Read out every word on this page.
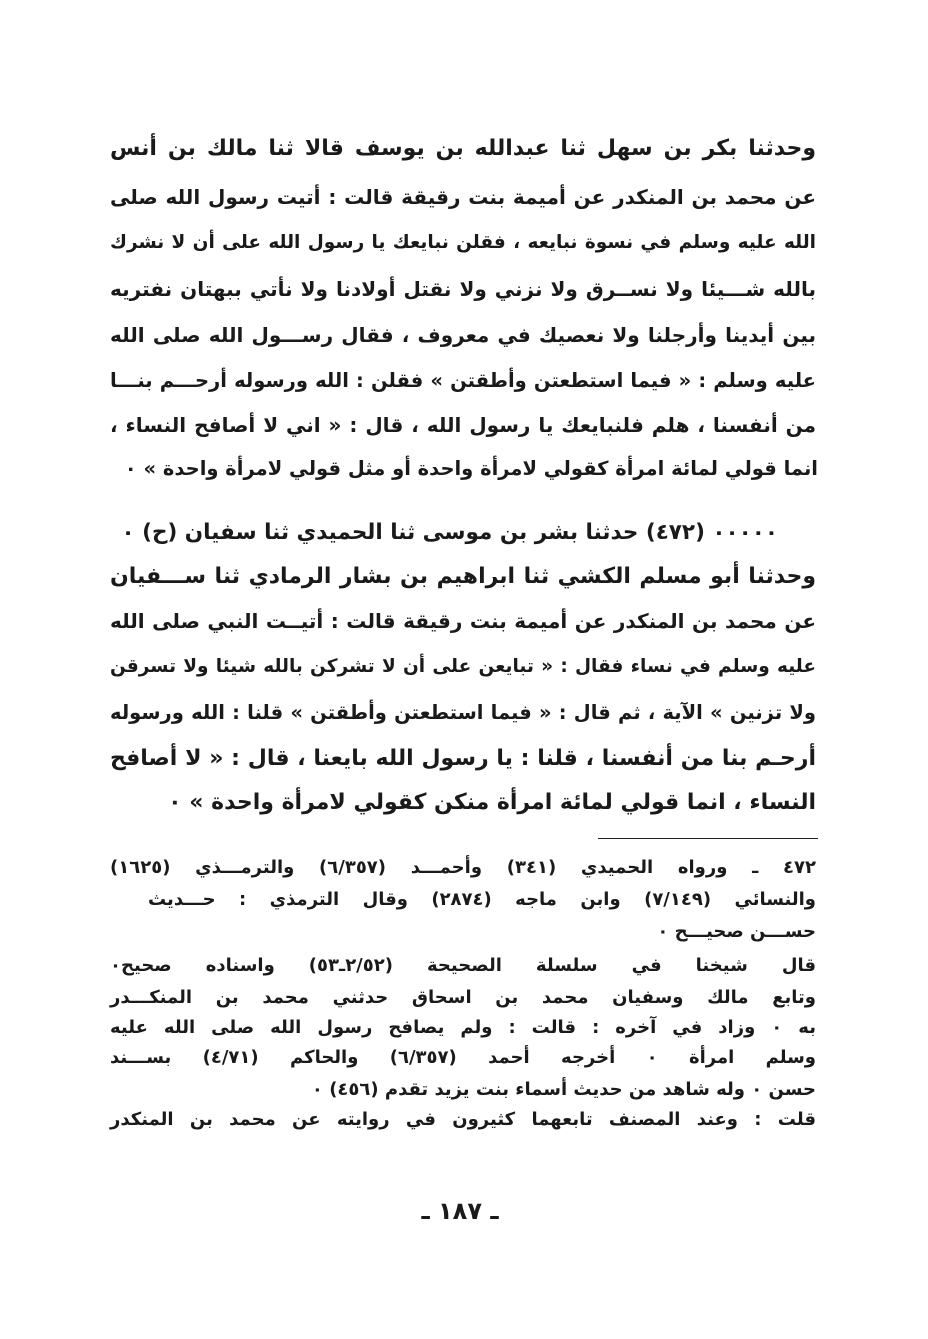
وحدثنا بكر بن سهل ثنا عبدالله بن يوسف قالا ثنا مالك بن أنس
عن محمد بن المنكدر عن أميمة بنت رقيقة قالت : أتيت رسول الله صلى
الله عليه وسلم في نسوة نبايعه ، فقلن نبايعك يا رسول الله على أن لا نشرك
بالله شـــيئا ولا نســرق ولا نزني ولا نقتل أولادنا ولا نأتي ببهتان نفتريه
بين أيدينا وأرجلنا ولا نعصيك في معروف ، فقال رســـول الله صلى الله
عليه وسلم : « فيما استطعتن وأطقتن » فقلن : الله ورسوله أرحـــم بنـــا
من أنفسنا ، هلم فلنبايعك يا رسول الله ، قال : « اني لا أصافح النساء ،
انما قولي لمائة امرأة كقولي لامرأة واحدة أو مثل قولي لامرأة واحدة » ٠
٠٠٠٠٠ (٤٧٢) حدثنا بشر بن موسى ثنا الحميدي ثنا سفيان (ح) ٠
وحدثنا أبو مسلم الكشي ثنا ابراهيم بن بشار الرمادي ثنا ســـفيان
عن محمد بن المنكدر عن أميمة بنت رقيقة قالت : أتيــت النبي صلى الله
عليه وسلم في نساء فقال : « تبايعن على أن لا تشركن بالله شيئا ولا تسرقن
ولا تزنين » الآية ، ثم قال : « فيما استطعتن وأطقتن » قلنا : الله ورسوله
أرحـم بنا من أنفسنا ، قلنا : يا رسول الله بايعنا ، قال : « لا أصافح
النساء ، انما قولي لمائة امرأة منكن كقولي لامرأة واحدة » ٠
٤٧٢ ـ ورواه الحميدي (٣٤١) وأحمـــد (٦/٣٥٧) والترمـــذي (١٦٢٥)
والنسائي (٧/١٤٩) وابن ماجه (٢٨٧٤) وقال الترمذي : حـــديث
حســـن صحيـــح ٠
قال شيخنا في سلسلة الصحيحة (٢/٥٢ـ٥٣) واسناده صحيح٠
وتابع مالك وسفيان محمد بن اسحاق حدثني محمد بن المنكـــدر
به ٠ وزاد في آخره : قالت : ولم يصافح رسول الله صلى الله عليه
وسلم امرأة ٠ أخرجه أحمد (٦/٣٥٧) والحاكم (٤/٧١) بســـند
حسن ٠ وله شاهد من حديث أسماء بنت يزيد تقدم (٤٥٦) ٠
قلت : وعند المصنف تابعهما كثيرون في روايته عن محمد بن المنكدر
ـ ١٨٧ ـ
